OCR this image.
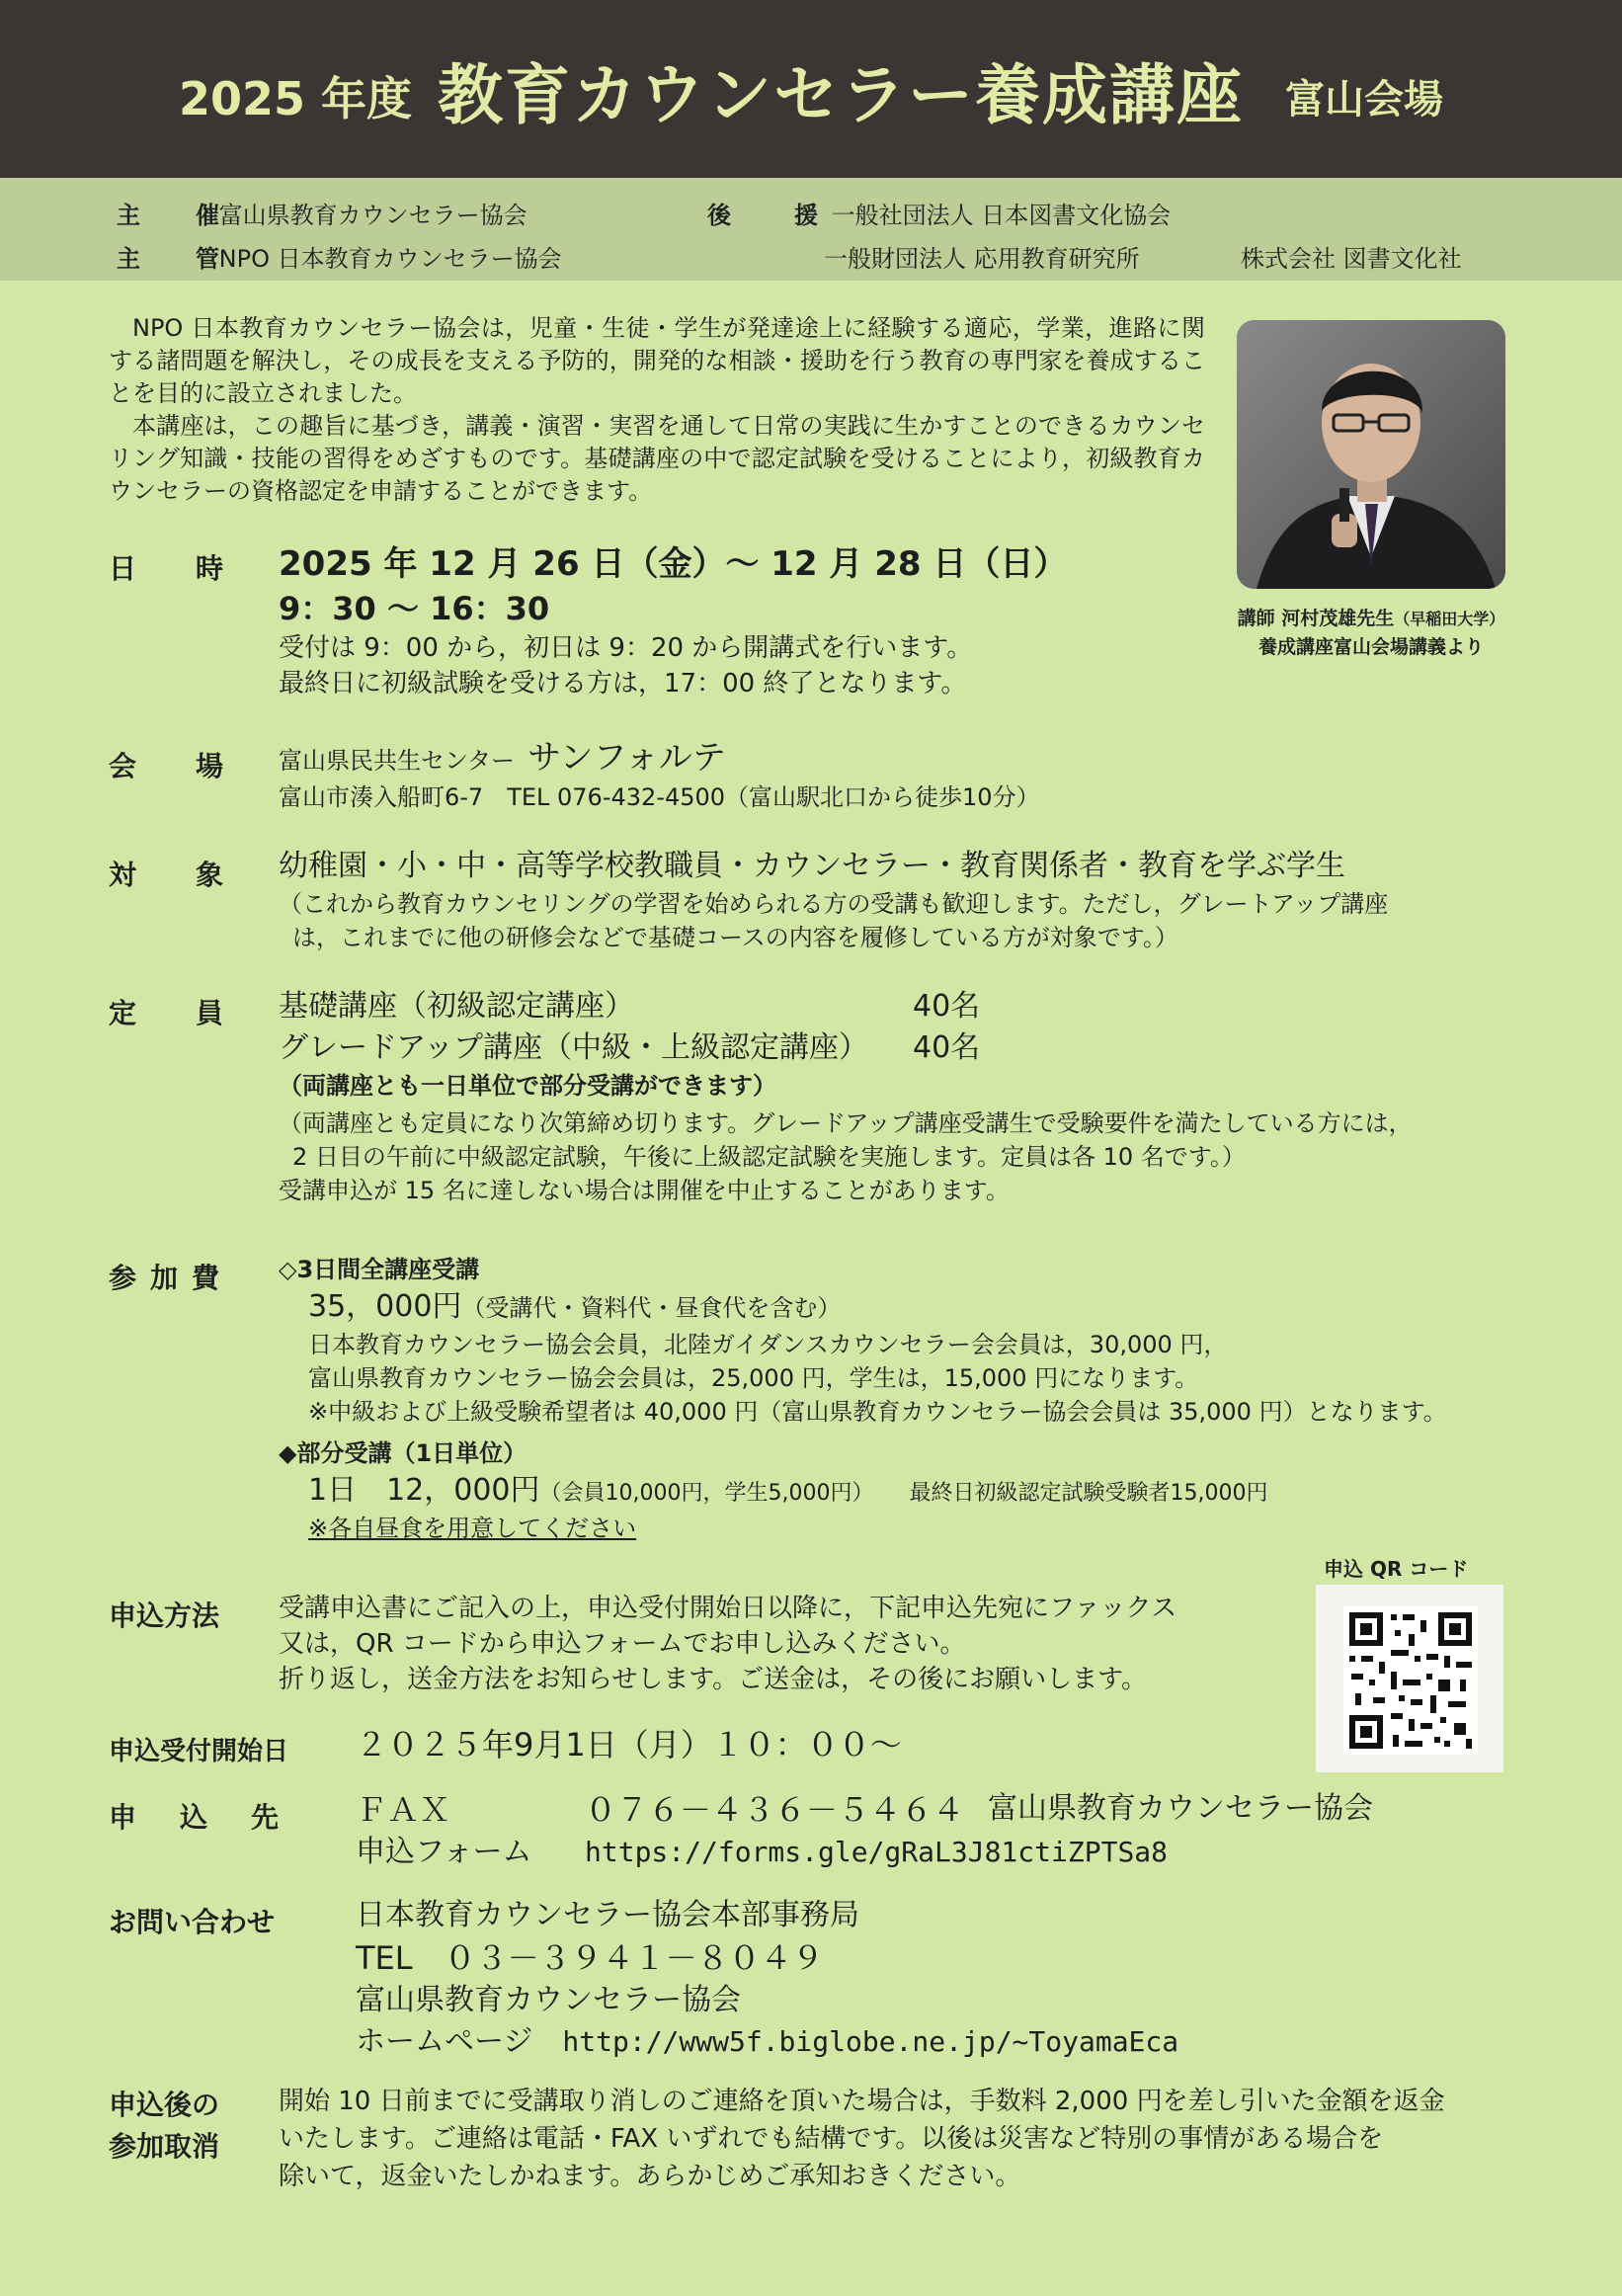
2025 年度 教育カウンセラー養成講座 富山会場
主　催 富山県教育カウンセラー協会
主　管 NPO 日本教育カウンセラー協会
後　援 一般社団法人 日本図書文化協会
一般財団法人 応用教育研究所	株式会社 図書文化社

NPO 日本教育カウンセラー協会は，児童・生徒・学生が発達途上に経験する適応，学業，進路に関する諸問題を解決し，その成長を支える予防的，開発的な相談・援助を行う教育の専門家を養成することを目的に設立されました。

本講座は，この趣旨に基づき，講義・演習・実習を通して日常の実践に生かすことのできるカウンセリング知識・技能の習得をめざすものです。基礎講座の中で認定試験を受けることにより，初級教育カウンセラーの資格認定を申請することができます。

講師 河村茂雄先生（早稲田大学）
養成講座富山会場講義より
日時
2025 年 12 月 26 日（金）～ 12 月 28 日（日）
9：30 ～ 16：30
受付は 9：00 から，初日は 9：20 から開講式を行います。
最終日に初級試験を受ける方は，17：00 終了となります。
会場
富山県民共生センター サンフォルテ
富山市湊入船町6-7　TEL 076-432-4500（富山駅北口から徒歩10分）
対象
幼稚園・小・中・高等学校教職員・カウンセラー・教育関係者・教育を学ぶ学生
（これから教育カウンセリングの学習を始められる方の受講も歓迎します。ただし，グレートアップ講座
は，これまでに他の研修会などで基礎コースの内容を履修している方が対象です。）
定員
基礎講座（初級認定講座）	40名
グレードアップ講座（中級・上級認定講座） 40名
（両講座とも一日単位で部分受講ができます）
（両講座とも定員になり次第締め切ります。グレードアップ講座受講生で受験要件を満たしている方には，
2 日目の午前に中級認定試験，午後に上級認定試験を実施します。定員は各 10 名です。）
受講申込が 15 名に達しない場合は開催を中止することがあります。
参加費 ◇3日間全講座受講
35，000円（受講代・資料代・昼食代を含む）
日本教育カウンセラー協会会員，北陸ガイダンスカウンセラー会会員は，30,000 円，
富山県教育カウンセラー協会会員は，25,000 円，学生は，15,000 円になります。
※中級および上級受験希望者は 40,000 円（富山県教育カウンセラー協会会員は 35,000 円）となります。
◆部分受講（1日単位）
1日　12，000円（会員10,000円，学生5,000円） 最終日初級認定試験受験者15,000円
※各自昼食を用意してください
申込方法 受講申込書にご記入の上，申込受付開始日以降に，下記申込先宛にファックス
又は，QR コードから申込フォームでお申し込みください。
折り返し，送金方法をお知らせします。ご送金は，その後にお願いします。
申込 QR コード
申込受付開始日 ２０２５年9月1日（月）１０：００～
申込先 ＦＡＸ	０７６－４３６－５４６４ 富山県教育カウンセラー協会
申込フォーム https://forms.gle/gRaL3J81ctiZPTSa8
お問い合わせ	日本教育カウンセラー協会本部事務局
TEL　 ０３－３９４１－８０４９
富山県教育カウンセラー協会
ホームページ　 http://www5f.biglobe.ne.jp/~ToyamaEca
申込後の
参加取消
開始 10 日前までに受講取り消しのご連絡を頂いた場合は，手数料 2,000 円を差し引いた金額を返金
いたします。ご連絡は電話・FAX いずれでも結構です。以後は災害など特別の事情がある場合を
除いて，返金いたしかねます。あらかじめご承知おきください。
